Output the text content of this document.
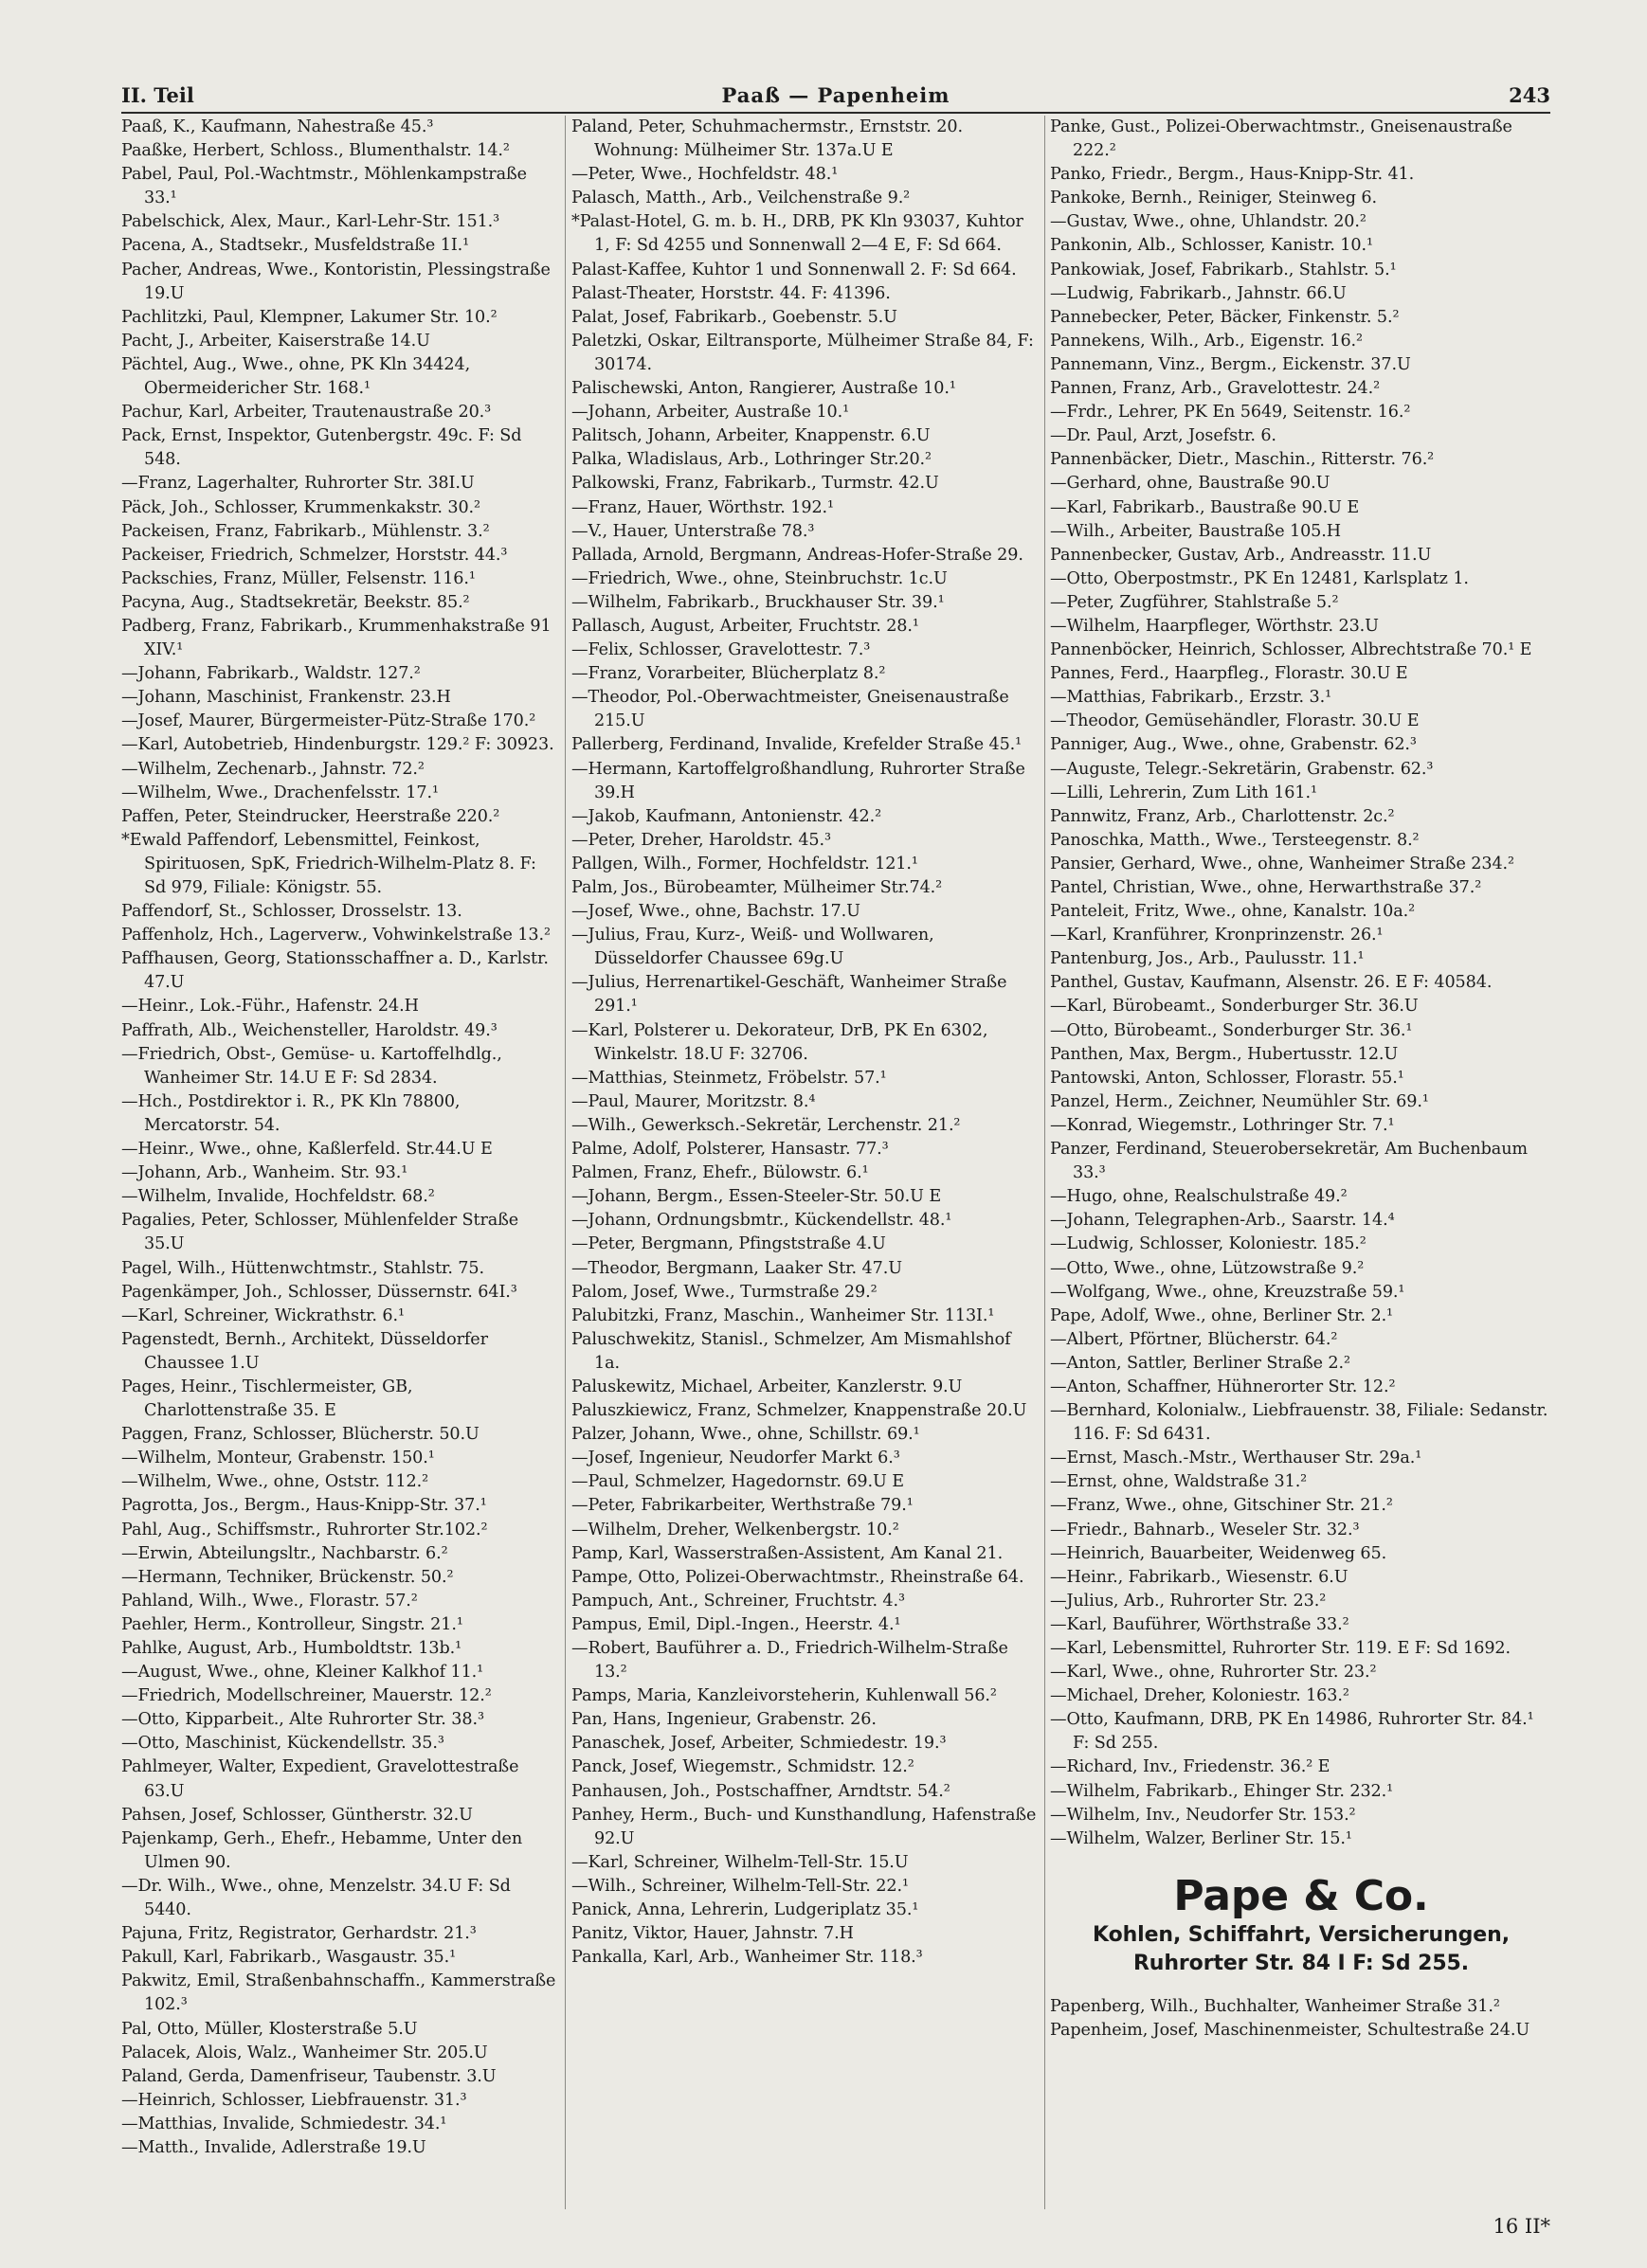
II. Teil	Paaß — Papenheim	243
Paaß, K., Kaufmann, Nahestraße 45.³
Paaßke, Herbert, Schloss., Blumenthalstr. 14.²
Pabel, Paul, Pol.-Wachtmstr., Möhlenkampstraße 33.¹
Pabelschick, Alex, Maur., Karl-Lehr-Str. 151.³
Pacena, A., Stadtsekr., Musfeldstraße 1I.¹
Pacher, Andreas, Wwe., Kontoristin, Plessingstraße 19.U
Pachlitzki, Paul, Klempner, Lakumer Str. 10.²
Pacht, J., Arbeiter, Kaiserstraße 14.U
Pächtel, Aug., Wwe., ohne, PK Kln 34424, Obermeidericher Str. 168.¹
Pachur, Karl, Arbeiter, Trautenaustraße 20.³
Pack, Ernst, Inspektor, Gutenbergstr. 49c. F: Sd 548.
—Franz, Lagerhalter, Ruhrorter Str. 38I.U
Päck, Joh., Schlosser, Krummenkakstr. 30.²
Packeisen, Franz, Fabrikarb., Mühlenstr. 3.²
Packeiser, Friedrich, Schmelzer, Horststr. 44.³
Packschies, Franz, Müller, Felsenstr. 116.¹
Pacyna, Aug., Stadtsekretär, Beekstr. 85.²
Padberg, Franz, Fabrikarb., Krummenhakstraße 91 XIV.¹
—Johann, Fabrikarb., Waldstr. 127.²
—Johann, Maschinist, Frankenstr. 23.H
—Josef, Maurer, Bürgermeister-Pütz-Straße 170.²
—Karl, Autobetrieb, Hindenburgstr. 129.² F: 30923.
—Wilhelm, Zechenarb., Jahnstr. 72.²
—Wilhelm, Wwe., Drachenfelsstr. 17.¹
Paffen, Peter, Steindrucker, Heerstraße 220.²
*Ewald Paffendorf, Lebensmittel, Feinkost, Spirituosen, SpK, Friedrich-Wilhelm-Platz 8. F: Sd 979, Filiale: Königstr. 55.
Paffendorf, St., Schlosser, Drosselstr. 13.
Paffenholz, Hch., Lagerverw., Vohwinkelstraße 13.²
Paffhausen, Georg, Stationsschaffner a. D., Karlstr. 47.U
—Heinr., Lok.-Führ., Hafenstr. 24.H
Paffrath, Alb., Weichensteller, Haroldstr. 49.³
—Friedrich, Obst-, Gemüse- u. Kartoffelhdlg., Wanheimer Str. 14.U E F: Sd 2834.
—Hch., Postdirektor i. R., PK Kln 78800, Mercatorstr. 54.
—Heinr., Wwe., ohne, Kaßlerfeld. Str.44.U E
—Johann, Arb., Wanheim. Str. 93.¹
—Wilhelm, Invalide, Hochfeldstr. 68.²
Pagalies, Peter, Schlosser, Mühlenfelder Straße 35.U
Pagel, Wilh., Hüttenwchtmstr., Stahlstr. 75.
Pagenkämper, Joh., Schlosser, Düssernstr. 64I.³
—Karl, Schreiner, Wickrathstr. 6.¹
Pagenstedt, Bernh., Architekt, Düsseldorfer Chaussee 1.U
Pages, Heinr., Tischlermeister, GB, Charlottenstraße 35. E
Paggen, Franz, Schlosser, Blücherstr. 50.U
—Wilhelm, Monteur, Grabenstr. 150.¹
—Wilhelm, Wwe., ohne, Oststr. 112.²
Pagrotta, Jos., Bergm., Haus-Knipp-Str. 37.¹
Pahl, Aug., Schiffsmstr., Ruhrorter Str.102.²
—Erwin, Abteilungsltr., Nachbarstr. 6.²
—Hermann, Techniker, Brückenstr. 50.²
Pahland, Wilh., Wwe., Florastr. 57.²
Paehler, Herm., Kontrolleur, Singstr. 21.¹
Pahlke, August, Arb., Humboldtstr. 13b.¹
—August, Wwe., ohne, Kleiner Kalkhof 11.¹
—Friedrich, Modellschreiner, Mauerstr. 12.²
—Otto, Kipparbeit., Alte Ruhrorter Str. 38.³
—Otto, Maschinist, Kückendellstr. 35.³
Pahlmeyer, Walter, Expedient, Gravelottestraße 63.U
Pahsen, Josef, Schlosser, Güntherstr. 32.U
Pajenkamp, Gerh., Ehefr., Hebamme, Unter den Ulmen 90.
—Dr. Wilh., Wwe., ohne, Menzelstr. 34.U F: Sd 5440.
Pajuna, Fritz, Registrator, Gerhardstr. 21.³
Pakull, Karl, Fabrikarb., Wasgaustr. 35.¹
Pakwitz, Emil, Straßenbahnschaffn., Kammerstraße 102.³
Pal, Otto, Müller, Klosterstraße 5.U
Palacek, Alois, Walz., Wanheimer Str. 205.U
Paland, Gerda, Damenfriseur, Taubenstr. 3.U
—Heinrich, Schlosser, Liebfrauenstr. 31.³
—Matthias, Invalide, Schmiedestr. 34.¹
—Matth., Invalide, Adlerstraße 19.U
Paland, Peter, Schuhmachermstr., Ernststr. 20. Wohnung: Mülheimer Str. 137a.U E
—Peter, Wwe., Hochfeldstr. 48.¹
Palasch, Matth., Arb., Veilchenstraße 9.²
*Palast-Hotel, G. m. b. H., DRB, PK Kln 93037, Kuhtor 1, F: Sd 4255 und Sonnenwall 2—4 E, F: Sd 664.
Palast-Kaffee, Kuhtor 1 und Sonnenwall 2. F: Sd 664.
Palast-Theater, Horststr. 44. F: 41396.
Palat, Josef, Fabrikarb., Goebenstr. 5.U
Paletzki, Oskar, Eiltransporte, Mülheimer Straße 84, F: 30174.
Palischewski, Anton, Rangierer, Austraße 10.¹
—Johann, Arbeiter, Austraße 10.¹
Palitsch, Johann, Arbeiter, Knappenstr. 6.U
Palka, Wladislaus, Arb., Lothringer Str.20.²
Palkowski, Franz, Fabrikarb., Turmstr. 42.U
—Franz, Hauer, Wörthstr. 192.¹
—V., Hauer, Unterstraße 78.³
Pallada, Arnold, Bergmann, Andreas-Hofer-Straße 29.
—Friedrich, Wwe., ohne, Steinbruchstr. 1c.U
—Wilhelm, Fabrikarb., Bruckhauser Str. 39.¹
Pallasch, August, Arbeiter, Fruchtstr. 28.¹
—Felix, Schlosser, Gravelottestr. 7.³
—Franz, Vorarbeiter, Blücherplatz 8.²
—Theodor, Pol.-Oberwachtmeister, Gneisenaustraße 215.U
Pallerberg, Ferdinand, Invalide, Krefelder Straße 45.¹
—Hermann, Kartoffelgroßhandlung, Ruhrorter Straße 39.H
—Jakob, Kaufmann, Antonienstr. 42.²
—Peter, Dreher, Haroldstr. 45.³
Pallgen, Wilh., Former, Hochfeldstr. 121.¹
Palm, Jos., Bürobeamter, Mülheimer Str.74.²
—Josef, Wwe., ohne, Bachstr. 17.U
—Julius, Frau, Kurz-, Weiß- und Wollwaren, Düsseldorfer Chaussee 69g.U
—Julius, Herrenartikel-Geschäft, Wanheimer Straße 291.¹
—Karl, Polsterer u. Dekorateur, DrB, PK En 6302, Winkelstr. 18.U F: 32706.
—Matthias, Steinmetz, Fröbelstr. 57.¹
—Paul, Maurer, Moritzstr. 8.⁴
—Wilh., Gewerksch.-Sekretär, Lerchenstr. 21.²
Palme, Adolf, Polsterer, Hansastr. 77.³
Palmen, Franz, Ehefr., Bülowstr. 6.¹
—Johann, Bergm., Essen-Steeler-Str. 50.U E
—Johann, Ordnungsbmtr., Kückendellstr. 48.¹
—Peter, Bergmann, Pfingststraße 4.U
—Theodor, Bergmann, Laaker Str. 47.U
Palom, Josef, Wwe., Turmstraße 29.²
Palubitzki, Franz, Maschin., Wanheimer Str. 113I.¹
Paluschwekitz, Stanisl., Schmelzer, Am Mismahlshof 1a.
Paluskewitz, Michael, Arbeiter, Kanzlerstr. 9.U
Paluszkiewicz, Franz, Schmelzer, Knappenstraße 20.U
Palzer, Johann, Wwe., ohne, Schillstr. 69.¹
—Josef, Ingenieur, Neudorfer Markt 6.³
—Paul, Schmelzer, Hagedornstr. 69.U E
—Peter, Fabrikarbeiter, Werthstraße 79.¹
—Wilhelm, Dreher, Welkenbergstr. 10.²
Pamp, Karl, Wasserstraßen-Assistent, Am Kanal 21.
Pampe, Otto, Polizei-Oberwachtmstr., Rheinstraße 64.
Pampuch, Ant., Schreiner, Fruchtstr. 4.³
Pampus, Emil, Dipl.-Ingen., Heerstr. 4.¹
—Robert, Bauführer a. D., Friedrich-Wilhelm-Straße 13.²
Pamps, Maria, Kanzleivorsteherin, Kuhlenwall 56.²
Pan, Hans, Ingenieur, Grabenstr. 26.
Panaschek, Josef, Arbeiter, Schmiedestr. 19.³
Panck, Josef, Wiegemstr., Schmidstr. 12.²
Panhausen, Joh., Postschaffner, Arndtstr. 54.²
Panhey, Herm., Buch- und Kunsthandlung, Hafenstraße 92.U
—Karl, Schreiner, Wilhelm-Tell-Str. 15.U
—Wilh., Schreiner, Wilhelm-Tell-Str. 22.¹
Panick, Anna, Lehrerin, Ludgeriplatz 35.¹
Panitz, Viktor, Hauer, Jahnstr. 7.H
Pankalla, Karl, Arb., Wanheimer Str. 118.³
Panke, Gust., Polizei-Oberwachtmstr., Gneisenaustraße 222.²
Panko, Friedr., Bergm., Haus-Knipp-Str. 41.
Pankoke, Bernh., Reiniger, Steinweg 6.
—Gustav, Wwe., ohne, Uhlandstr. 20.²
Pankonin, Alb., Schlosser, Kanistr. 10.¹
Pankowiak, Josef, Fabrikarb., Stahlstr. 5.¹
—Ludwig, Fabrikarb., Jahnstr. 66.U
Pannebecker, Peter, Bäcker, Finkenstr. 5.²
Pannekens, Wilh., Arb., Eigenstr. 16.²
Pannemann, Vinz., Bergm., Eickenstr. 37.U
Pannen, Franz, Arb., Gravelottestr. 24.²
—Frdr., Lehrer, PK En 5649, Seitenstr. 16.²
—Dr. Paul, Arzt, Josefstr. 6.
Pannenbäcker, Dietr., Maschin., Ritterstr. 76.²
—Gerhard, ohne, Baustraße 90.U
—Karl, Fabrikarb., Baustraße 90.U E
—Wilh., Arbeiter, Baustraße 105.H
Pannenbecker, Gustav, Arb., Andreasstr. 11.U
—Otto, Oberpostmstr., PK En 12481, Karlsplatz 1.
—Peter, Zugführer, Stahlstraße 5.²
—Wilhelm, Haarpfleger, Wörthstr. 23.U
Pannenböcker, Heinrich, Schlosser, Albrechtstraße 70.¹ E
Pannes, Ferd., Haarpfleg., Florastr. 30.U E
—Matthias, Fabrikarb., Erzstr. 3.¹
—Theodor, Gemüsehändler, Florastr. 30.U E
Panniger, Aug., Wwe., ohne, Grabenstr. 62.³
—Auguste, Telegr.-Sekretärin, Grabenstr. 62.³
—Lilli, Lehrerin, Zum Lith 161.¹
Pannwitz, Franz, Arb., Charlottenstr. 2c.²
Panoschka, Matth., Wwe., Tersteegenstr. 8.²
Pansier, Gerhard, Wwe., ohne, Wanheimer Straße 234.²
Pantel, Christian, Wwe., ohne, Herwarthstraße 37.²
Panteleit, Fritz, Wwe., ohne, Kanalstr. 10a.²
—Karl, Kranführer, Kronprinzenstr. 26.¹
Pantenburg, Jos., Arb., Paulusstr. 11.¹
Panthel, Gustav, Kaufmann, Alsenstr. 26. E F: 40584.
—Karl, Bürobeamt., Sonderburger Str. 36.U
—Otto, Bürobeamt., Sonderburger Str. 36.¹
Panthen, Max, Bergm., Hubertusstr. 12.U
Pantowski, Anton, Schlosser, Florastr. 55.¹
Panzel, Herm., Zeichner, Neumühler Str. 69.¹
—Konrad, Wiegemstr., Lothringer Str. 7.¹
Panzer, Ferdinand, Steuerobersekretär, Am Buchenbaum 33.³
—Hugo, ohne, Realschulstraße 49.²
—Johann, Telegraphen-Arb., Saarstr. 14.⁴
—Ludwig, Schlosser, Koloniestr. 185.²
—Otto, Wwe., ohne, Lützowstraße 9.²
—Wolfgang, Wwe., ohne, Kreuzstraße 59.¹
Pape, Adolf, Wwe., ohne, Berliner Str. 2.¹
—Albert, Pförtner, Blücherstr. 64.²
—Anton, Sattler, Berliner Straße 2.²
—Anton, Schaffner, Hühnerorter Str. 12.²
—Bernhard, Kolonialw., Liebfrauenstr. 38, Filiale: Sedanstr. 116. F: Sd 6431.
—Ernst, Masch.-Mstr., Werthauser Str. 29a.¹
—Ernst, ohne, Waldstraße 31.²
—Franz, Wwe., ohne, Gitschiner Str. 21.²
—Friedr., Bahnarb., Weseler Str. 32.³
—Heinrich, Bauarbeiter, Weidenweg 65.
—Heinr., Fabrikarb., Wiesenstr. 6.U
—Julius, Arb., Ruhrorter Str. 23.²
—Karl, Bauführer, Wörthstraße 33.²
—Karl, Lebensmittel, Ruhrorter Str. 119. E F: Sd 1692.
—Karl, Wwe., ohne, Ruhrorter Str. 23.²
—Michael, Dreher, Koloniestr. 163.²
—Otto, Kaufmann, DRB, PK En 14986, Ruhrorter Str. 84.¹ F: Sd 255.
—Richard, Inv., Friedenstr. 36.² E
—Wilhelm, Fabrikarb., Ehinger Str. 232.¹
—Wilhelm, Inv., Neudorfer Str. 153.²
—Wilhelm, Walzer, Berliner Str. 15.¹
Pape & Co.
Kohlen, Schiffahrt, Versicherungen,
Ruhrorter Str. 84 I F: Sd 255.
Papenberg, Wilh., Buchhalter, Wanheimer Straße 31.²
Papenheim, Josef, Maschinenmeister, Schultestraße 24.U
16 II*
